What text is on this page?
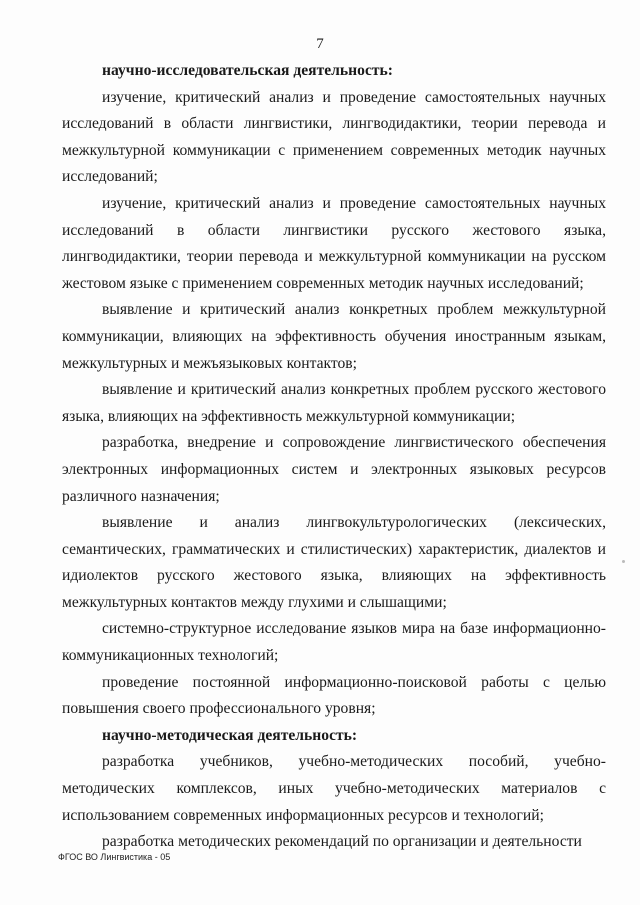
7

научно-исследовательская деятельность:

изучение, критический анализ и проведение самостоятельных научных исследований в области лингвистики, лингводидактики, теории перевода и межкультурной коммуникации с применением современных методик научных исследований;

изучение, критический анализ и проведение самостоятельных научных исследований в области лингвистики русского жестового языка, лингводидактики, теории перевода и межкультурной коммуникации на русском жестовом языке с применением современных методик научных исследований;

выявление и критический анализ конкретных проблем межкультурной коммуникации, влияющих на эффективность обучения иностранным языкам, межкультурных и межъязыковых контактов;

выявление и критический анализ конкретных проблем русского жестового языка, влияющих на эффективность межкультурной коммуникации;

разработка, внедрение и сопровождение лингвистического обеспечения электронных информационных систем и электронных языковых ресурсов различного назначения;

выявление и анализ лингвокультурологических (лексических, семантических, грамматических и стилистических) характеристик, диалектов и идиолектов русского жестового языка, влияющих на эффективность межкультурных контактов между глухими и слышащими;

системно-структурное исследование языков мира на базе информационно-коммуникационных технологий;

проведение постоянной информационно-поисковой работы с целью повышения своего профессионального уровня;

научно-методическая деятельность:

разработка учебников, учебно-методических пособий, учебно-методических комплексов, иных учебно-методических материалов с использованием современных информационных ресурсов и технологий;

разработка методических рекомендаций по организации и деятельности

ФГОС ВО Лингвистика - 05
